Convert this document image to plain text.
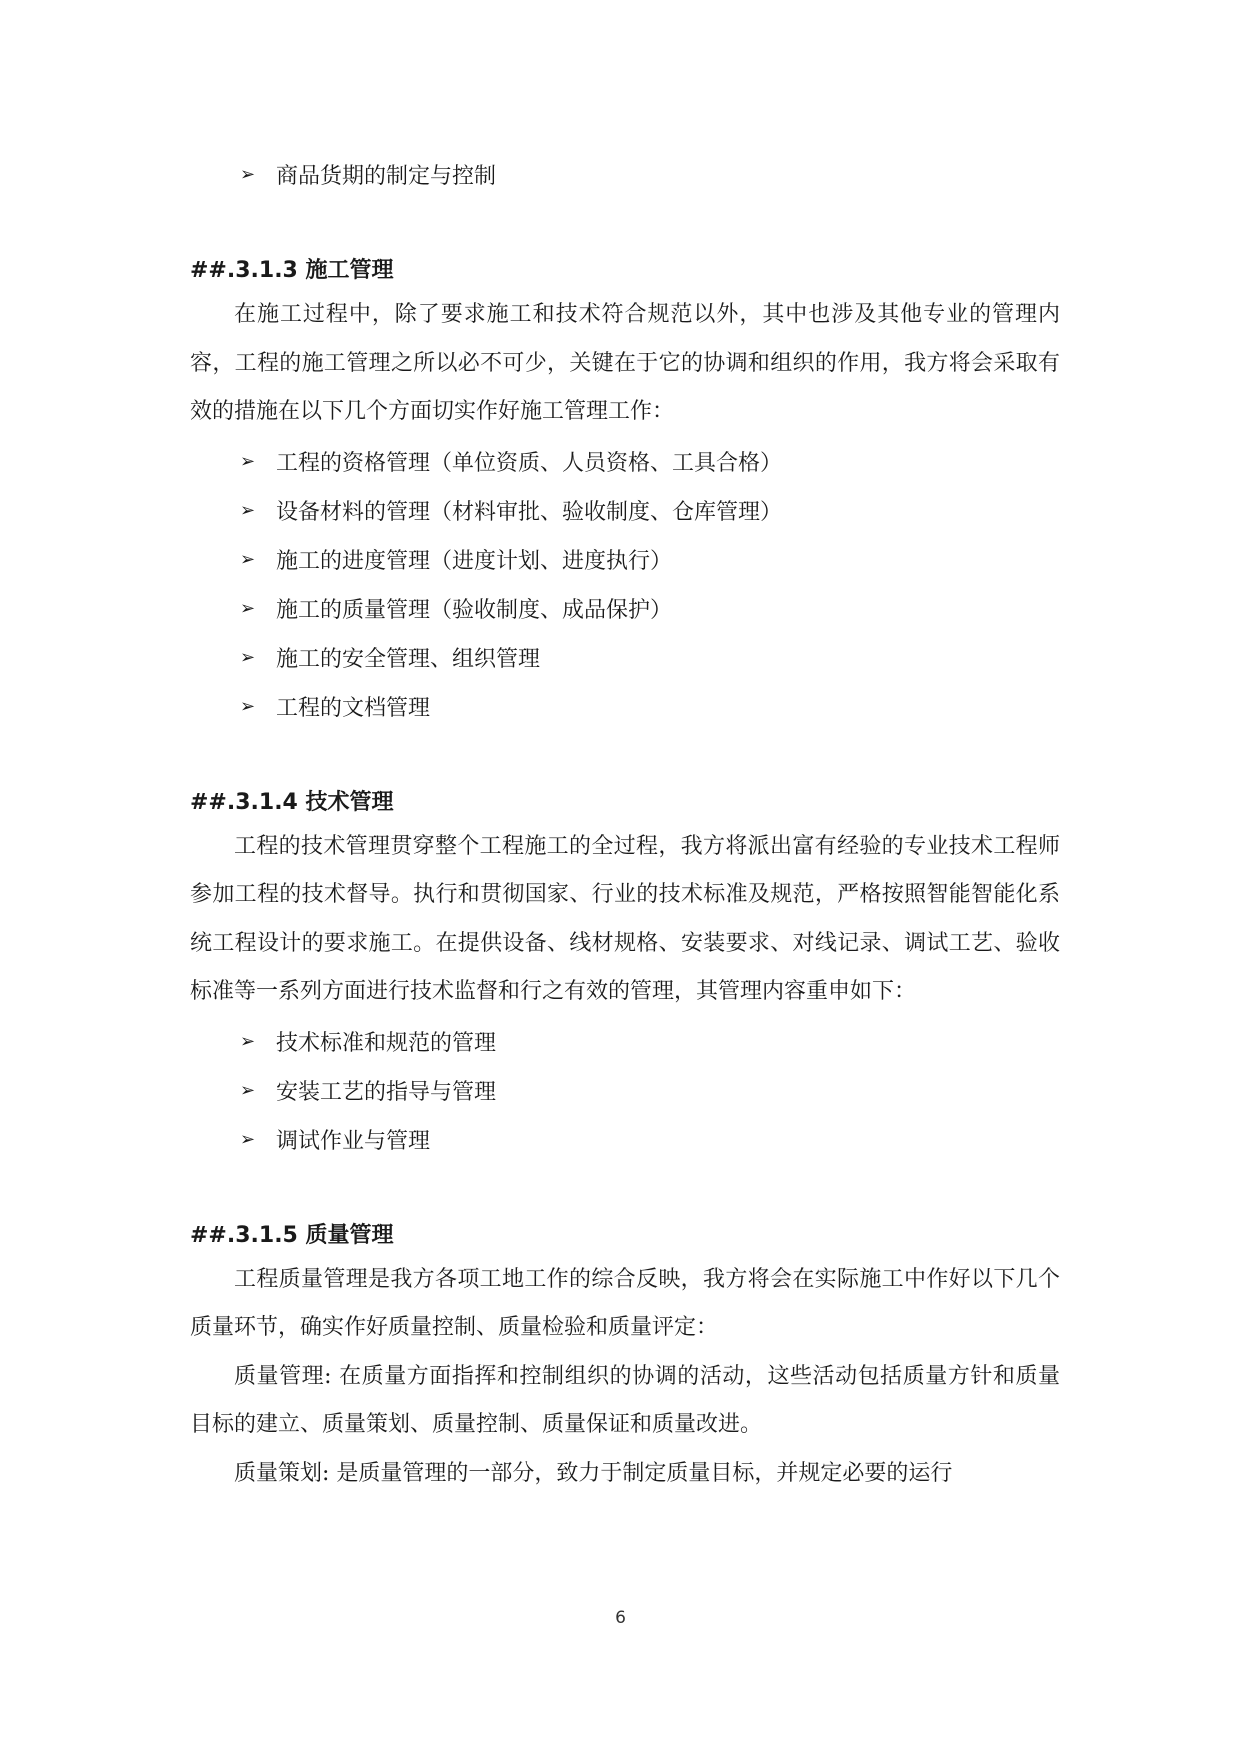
➢ 商品货期的制定与控制
##.3.1.3 施工管理

在施工过程中，除了要求施工和技术符合规范以外，其中也涉及其他专业的管理内容，工程的施工管理之所以必不可少，关键在于它的协调和组织的作用，我方将会采取有效的措施在以下几个方面切实作好施工管理工作：

➢ 工程的资格管理（单位资质、人员资格、工具合格）
➢ 设备材料的管理（材料审批、验收制度、仓库管理）
➢ 施工的进度管理（进度计划、进度执行）
➢ 施工的质量管理（验收制度、成品保护）
➢ 施工的安全管理、组织管理
➢ 工程的文档管理
##.3.1.4 技术管理

工程的技术管理贯穿整个工程施工的全过程，我方将派出富有经验的专业技术工程师参加工程的技术督导。执行和贯彻国家、行业的技术标准及规范，严格按照智能智能化系统工程设计的要求施工。在提供设备、线材规格、安装要求、对线记录、调试工艺、验收标准等一系列方面进行技术监督和行之有效的管理，其管理内容重申如下：

➢ 技术标准和规范的管理
➢ 安装工艺的指导与管理
➢ 调试作业与管理
##.3.1.5 质量管理

工程质量管理是我方各项工地工作的综合反映，我方将会在实际施工中作好以下几个质量环节，确实作好质量控制、质量检验和质量评定：

质量管理: 在质量方面指挥和控制组织的协调的活动，这些活动包括质量方针和质量目标的建立、质量策划、质量控制、质量保证和质量改进。

质量策划: 是质量管理的一部分，致力于制定质量目标，并规定必要的运行

6
